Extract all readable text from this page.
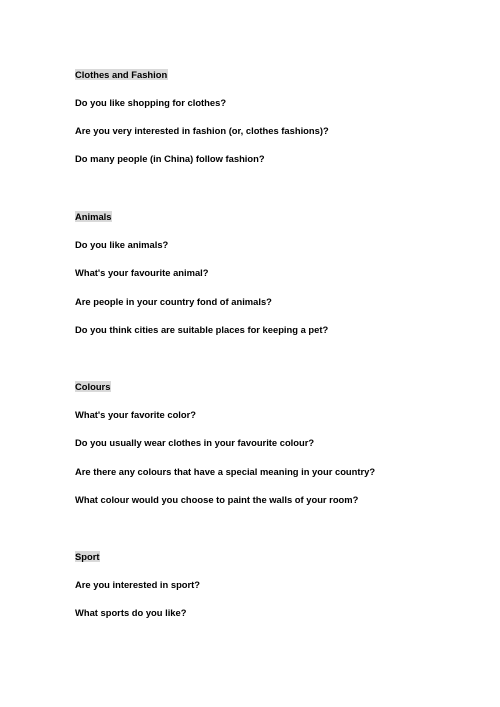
Clothes and Fashion
Do you like shopping for clothes?
Are you very interested in fashion (or, clothes fashions)?
Do many people (in China) follow fashion?
Animals
Do you like animals?
What's your favourite animal?
Are people in your country fond of animals?
Do you think cities are suitable places for keeping a pet?
Colours
What's your favorite color?
Do you usually wear clothes in your favourite colour?
Are there any colours that have a special meaning in your country?
What colour would you choose to paint the walls of your room?
Sport
Are you interested in sport?
What sports do you like?
